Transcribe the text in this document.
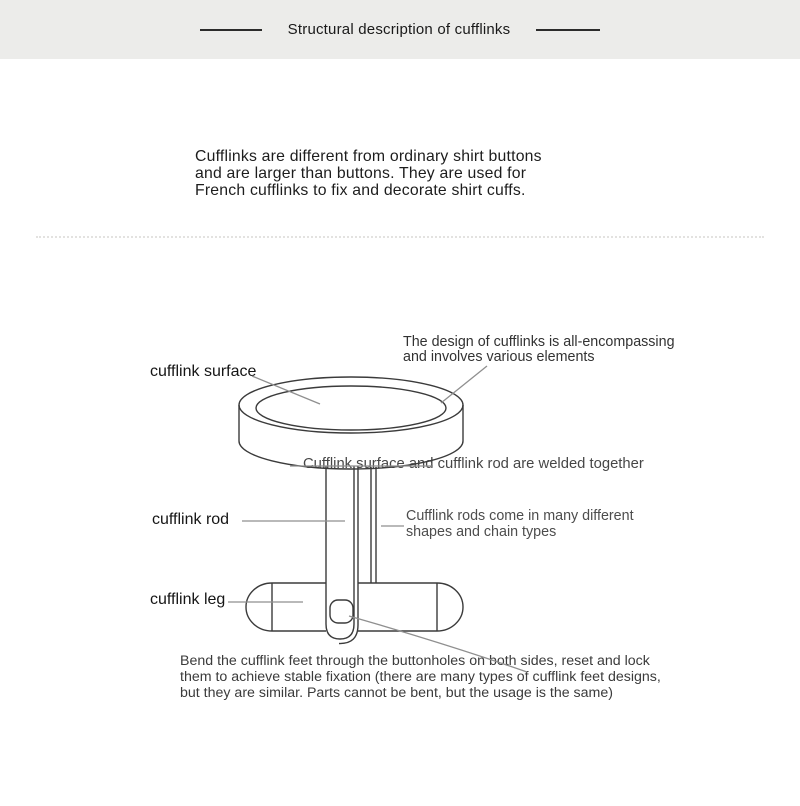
Structural description of cufflinks
Cufflinks are different from ordinary shirt buttons
and are larger than buttons. They are used for
French cufflinks to fix and decorate shirt cuffs.
The design of cufflinks is all-encompassing
and involves various elements
cufflink surface
Cufflink surface and cufflink rod are welded together
cufflink rod	Cufflink rods come in many different
shapes and chain types
cufflink leg
Bend the cufflink feet through the buttonholes on both sides, reset and lock
them to achieve stable fixation (there are many types of cufflink feet designs,
but they are similar. Parts cannot be bent, but the usage is the same)
